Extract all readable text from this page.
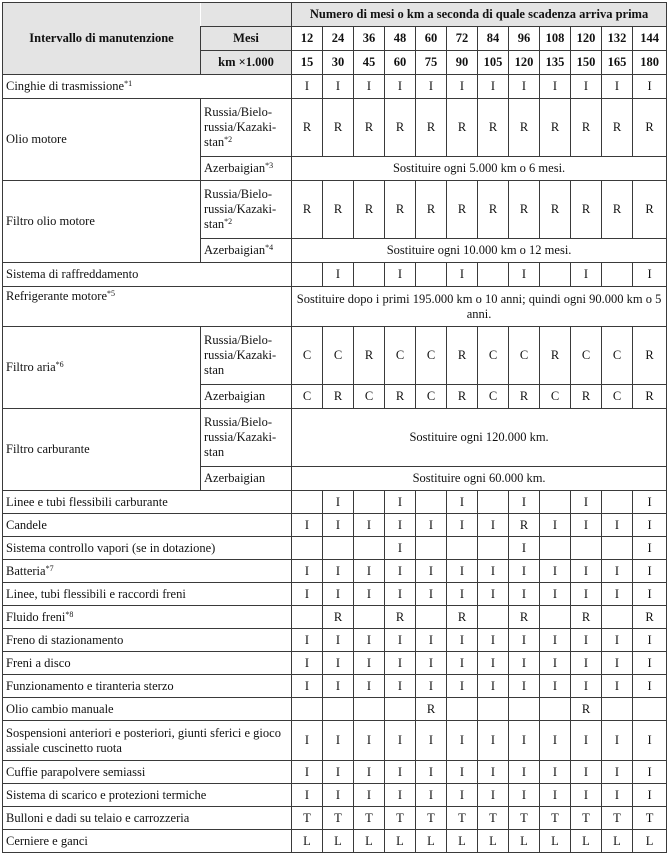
Intervallo di manutenzione		Numero di mesi o km a seconda di quale scadenza arriva prima											
	Mesi	12	24	36	48	60	72	84	96	108	120	132	144
	km ×1.000	15	30	45	60	75	90	105	120	135	150	165	180
Cinghie di trasmissione$^{*1}$		I	I	I	I	I	I	I	I	I	I	I	I
Olio motore	Russia/Bielorussia/Kazakistan$^{*2}$	R	R	R	R	R	R	R	R	R	R	R	R
	Azerbaigian$^{*3}$	Sostituire ogni 5.000 km o 6 mesi.											
Filtro olio motore	Russia/Bielorussia/Kazakistan$^{*2}$	R	R	R	R	R	R	R	R	R	R	R	R
	Azerbaigian$^{*4}$	Sostituire ogni 10.000 km o 12 mesi.											
Sistema di raffreddamento			I		I		I		I		I		I
Refrigerante motore$^{*5}$		Sostituire dopo i primi 195.000 km o 10 anni; quindi ogni 90.000 km o 5 anni.											
Filtro aria$^{*6}$	Russia/Bielorussia/Kazakistan	C	C	R	C	C	R	C	C	R	C	C	R
	Azerbaigian	C	R	C	R	C	R	C	R	C	R	C	R
Filtro carburante	Russia/Bielorussia/Kazakistan	Sostituire ogni 120.000 km.											
	Azerbaigian	Sostituire ogni 60.000 km.											
Linee e tubi flessibili carburante			I		I		I		I		I		I
Candele		I	I	I	I	I	I	I	R	I	I	I	I
Sistema controllo vapori (se in dotazione)					I				I				I
Batteria$^{*7}$		I	I	I	I	I	I	I	I	I	I	I	I
Linee, tubi flessibili e raccordi freni		I	I	I	I	I	I	I	I	I	I	I	I
Fluido freni$^{*8}$			R		R		R		R		R		R
Freno di stazionamento		I	I	I	I	I	I	I	I	I	I	I	I
Freni a disco		I	I	I	I	I	I	I	I	I	I	I	I
Funzionamento e tiranteria sterzo		I	I	I	I	I	I	I	I	I	I	I	I
Olio cambio manuale						R					R		
Sospensioni anteriori e posteriori, giunti sferici e gioco assiale cuscinetto ruota		I	I	I	I	I	I	I	I	I	I	I	I
Cuffie parapolvere semiassi		I	I	I	I	I	I	I	I	I	I	I	I
Sistema di scarico e protezioni termiche		I	I	I	I	I	I	I	I	I	I	I	I
Bulloni e dadi su telaio e carrozzeria		T	T	T	T	T	T	T	T	T	T	T	T
Cerniere e ganci		L	L	L	L	L	L	L	L	L	L	L	L
